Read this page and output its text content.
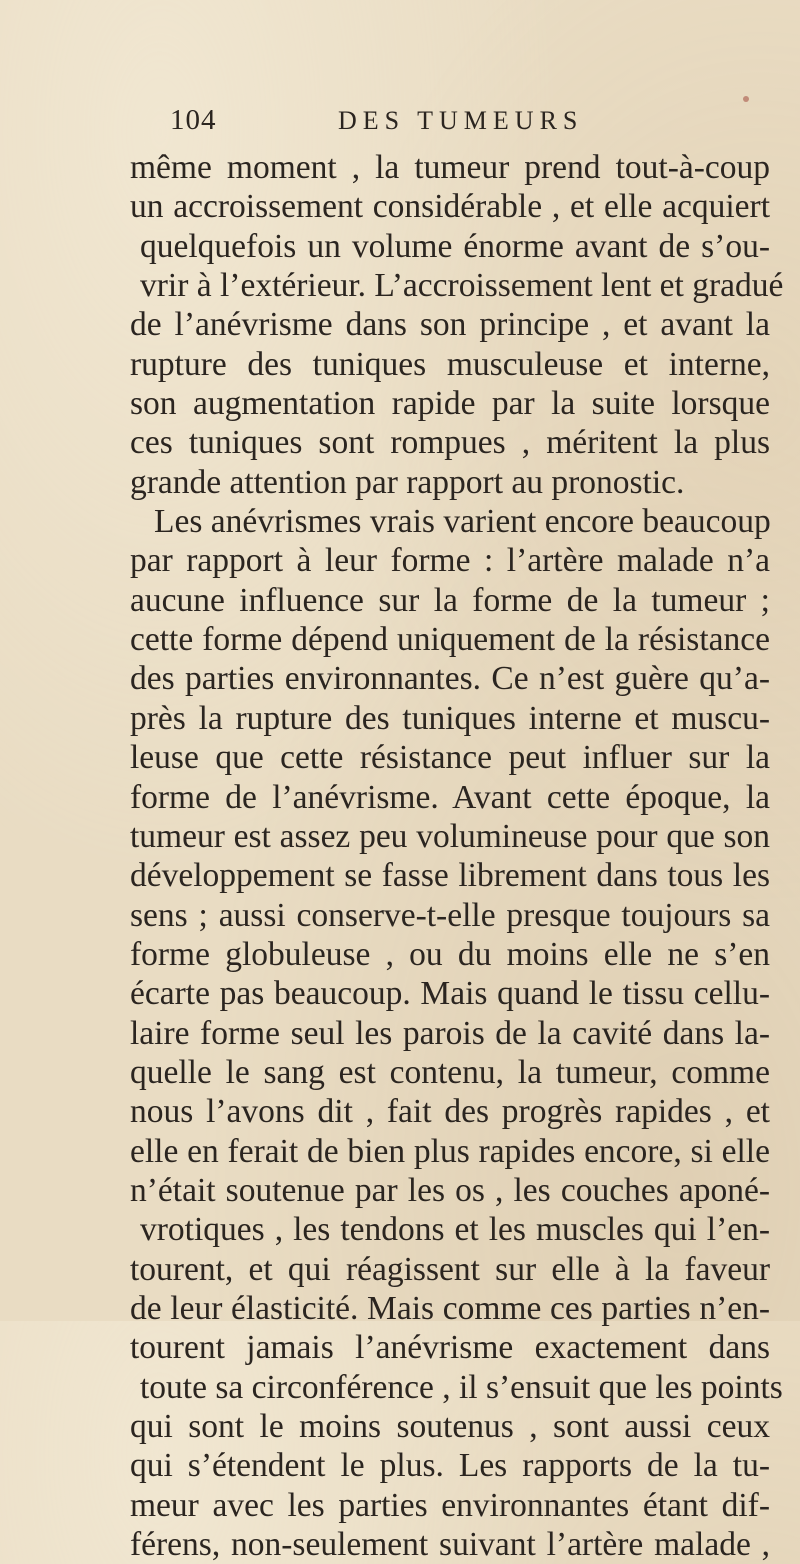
104	DES TUMEURS
même moment , la tumeur prend tout-à-coup
un accroissement considérable , et elle acquiert
quelquefois un volume énorme avant de s’ou-
vrir à l’extérieur. L’accroissement lent et gradué
de l’anévrisme dans son principe , et avant la
rupture des tuniques musculeuse et interne,
son augmentation rapide par la suite lorsque
ces tuniques sont rompues , méritent la plus
grande attention par rapport au pronostic.
Les anévrismes vrais varient encore beaucoup
par rapport à leur forme : l’artère malade n’a
aucune influence sur la forme de la tumeur ;
cette forme dépend uniquement de la résistance
des parties environnantes. Ce n’est guère qu’a-
près la rupture des tuniques interne et muscu-
leuse que cette résistance peut influer sur la
forme de l’anévrisme. Avant cette époque, la
tumeur est assez peu volumineuse pour que son
développement se fasse librement dans tous les
sens ; aussi conserve-t-elle presque toujours sa
forme globuleuse , ou du moins elle ne s’en
écarte pas beaucoup. Mais quand le tissu cellu-
laire forme seul les parois de la cavité dans la-
quelle le sang est contenu, la tumeur, comme
nous l’avons dit , fait des progrès rapides , et
elle en ferait de bien plus rapides encore, si elle
n’était soutenue par les os , les couches aponé-
vrotiques , les tendons et les muscles qui l’en-
tourent, et qui réagissent sur elle à la faveur
de leur élasticité. Mais comme ces parties n’en-
tourent jamais l’anévrisme exactement dans
toute sa circonférence , il s’ensuit que les points
qui sont le moins soutenus , sont aussi ceux
qui s’étendent le plus. Les rapports de la tu-
meur avec les parties environnantes étant dif-
férens, non-seulement suivant l’artère malade ,
